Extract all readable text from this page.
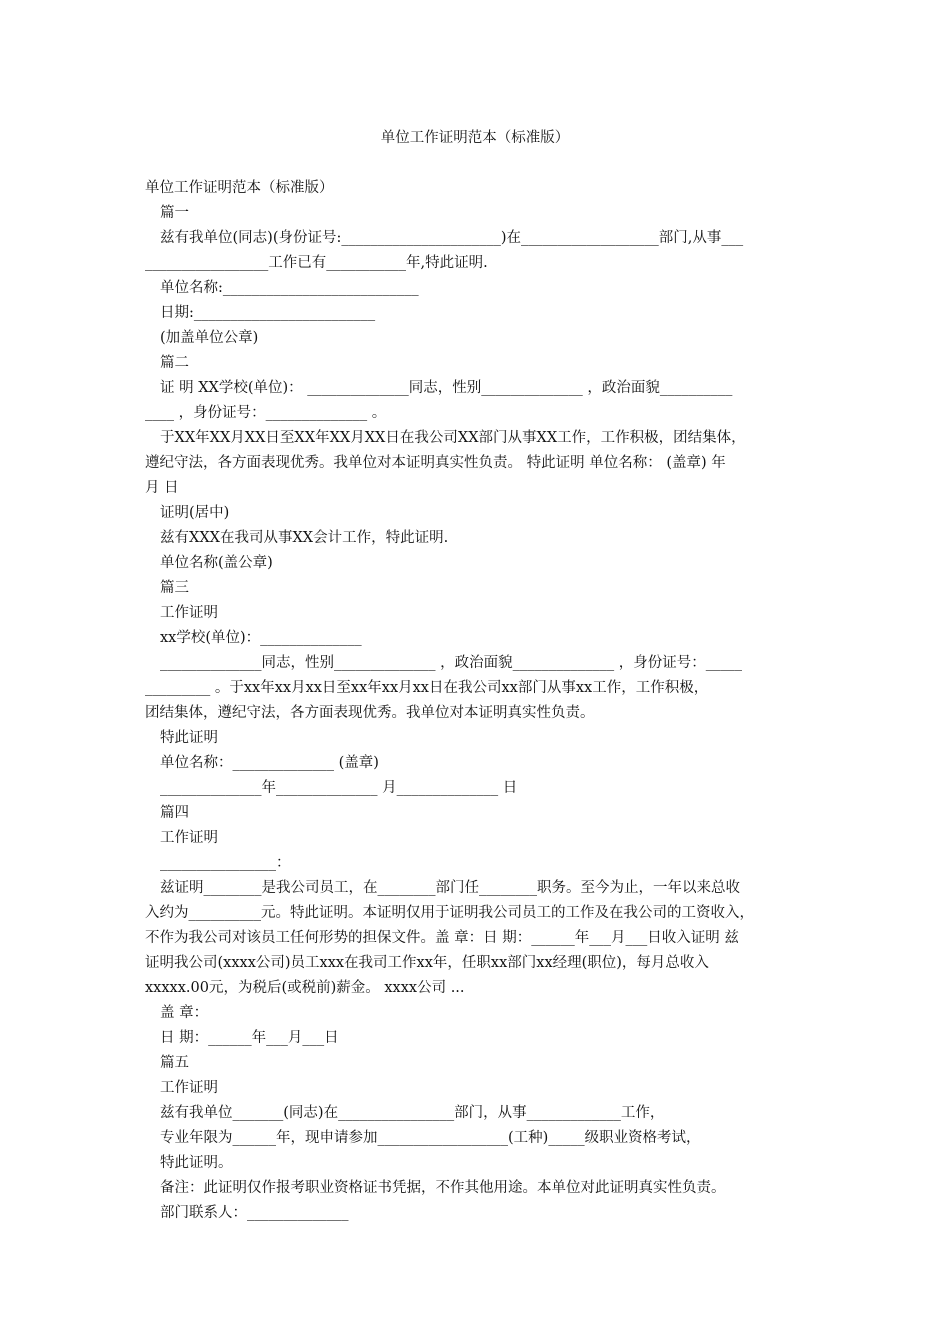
单位工作证明范本（标准版）
单位工作证明范本（标准版）
篇一
兹有我单位(同志)(身份证号:______________________)在___________________部门,从事___
_________________工作已有___________年,特此证明.
单位名称:___________________________
日期:_________________________
(加盖单位公章)
篇二
证 明 XX学校(单位)： ______________同志，性别______________ ，政治面貌__________
____ ，身份证号：______________ 。
于XX年XX月XX日至XX年XX月XX日在我公司XX部门从事XX工作，工作积极，团结集体，
遵纪守法，各方面表现优秀。我单位对本证明真实性负责。 特此证明 单位名称： (盖章) 年
月 日
证明(居中)
兹有XXX在我司从事XX会计工作，特此证明.
单位名称(盖公章)
篇三
工作证明
xx学校(单位)：______________
______________同志，性别______________ ，政治面貌______________ ，身份证号：_____
_________ 。于xx年xx月xx日至xx年xx月xx日在我公司xx部门从事xx工作，工作积极，
团结集体，遵纪守法，各方面表现优秀。我单位对本证明真实性负责。
特此证明
单位名称：______________ (盖章)
______________年______________ 月______________ 日
篇四
工作证明
________________：
兹证明________是我公司员工，在________部门任________职务。至今为止，一年以来总收
入约为__________元。特此证明。本证明仅用于证明我公司员工的工作及在我公司的工资收入，
不作为我公司对该员工任何形势的担保文件。盖 章：日 期：______年___月___日收入证明 兹
证明我公司(xxxx公司)员工xxx在我司工作xx年，任职xx部门xx经理(职位)，每月总收入
xxxxx.00元，为税后(或税前)薪金。 xxxx公司 ...
盖 章：
日 期：______年___月___日
篇五
工作证明
兹有我单位_______(同志)在________________部门，从事_____________工作，
专业年限为______年，现申请参加__________________(工种)_____级职业资格考试，
特此证明。
备注：此证明仅作报考职业资格证书凭据，不作其他用途。本单位对此证明真实性负责。
部门联系人：______________
